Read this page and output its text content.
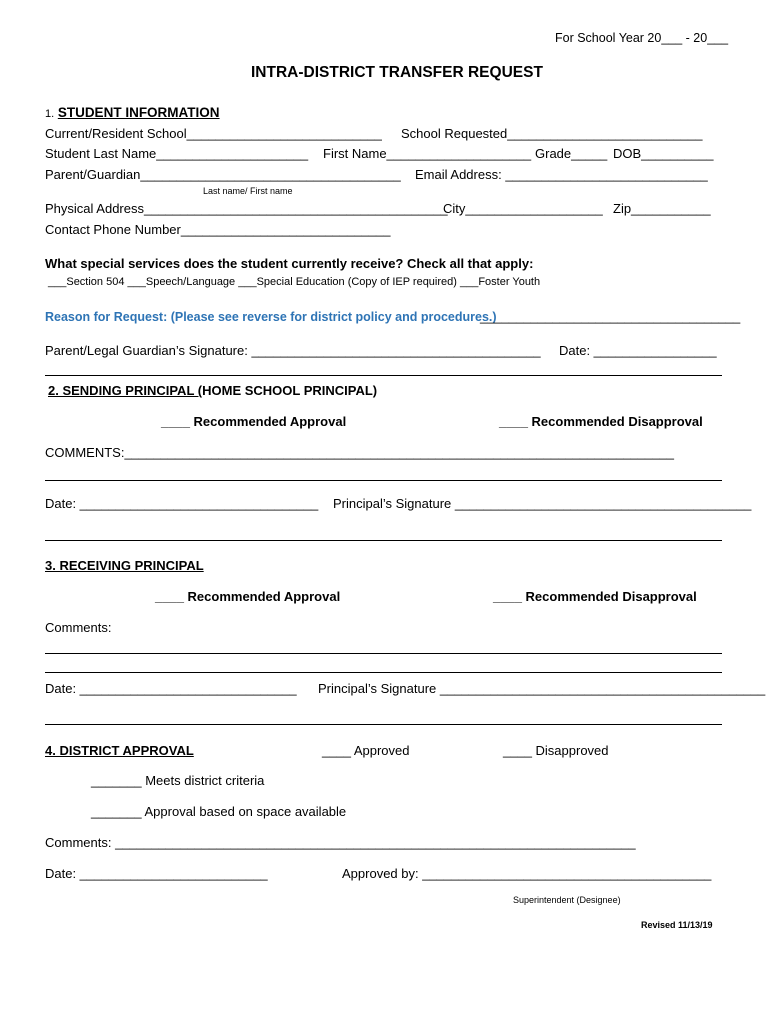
For School Year 20___ - 20___
INTRA-DISTRICT TRANSFER REQUEST
1. STUDENT INFORMATION
Current/Resident School___________________________ School Requested___________________________
Student Last Name_____________________ First Name____________________ Grade_____ DOB__________
Parent/Guardian____________________________________ Email Address: ____________________________
Last name/ First name
Physical Address__________________________________________
City___________________ Zip___________
Contact Phone Number_____________________________
What special services does the student currently receive? Check all that apply:
___Section 504 ___Speech/Language ___Special Education (Copy of IEP required) ___Foster Youth
Reason for Request: (Please see reverse for district policy and procedures.)
____________________________________
Parent/Legal Guardian’s Signature: ________________________________________ Date: _________________
2. SENDING PRINCIPAL (HOME SCHOOL PRINCIPAL)
____ Recommended Approval	____ Recommended Disapproval
COMMENTS:____________________________________________________________________________
Date: _________________________________ Principal’s Signature _________________________________________
3. RECEIVING PRINCIPAL
____ Recommended Approval	____ Recommended Disapproval
Comments:
Date: ______________________________ Principal’s Signature _____________________________________________
4. DISTRICT APPROVAL	____ Approved	____ Disapproved
_______ Meets district criteria
_______ Approval based on space available
Comments: ________________________________________________________________________
Date: __________________________	Approved by: ________________________________________
Superintendent (Designee)
Revised 11/13/19
